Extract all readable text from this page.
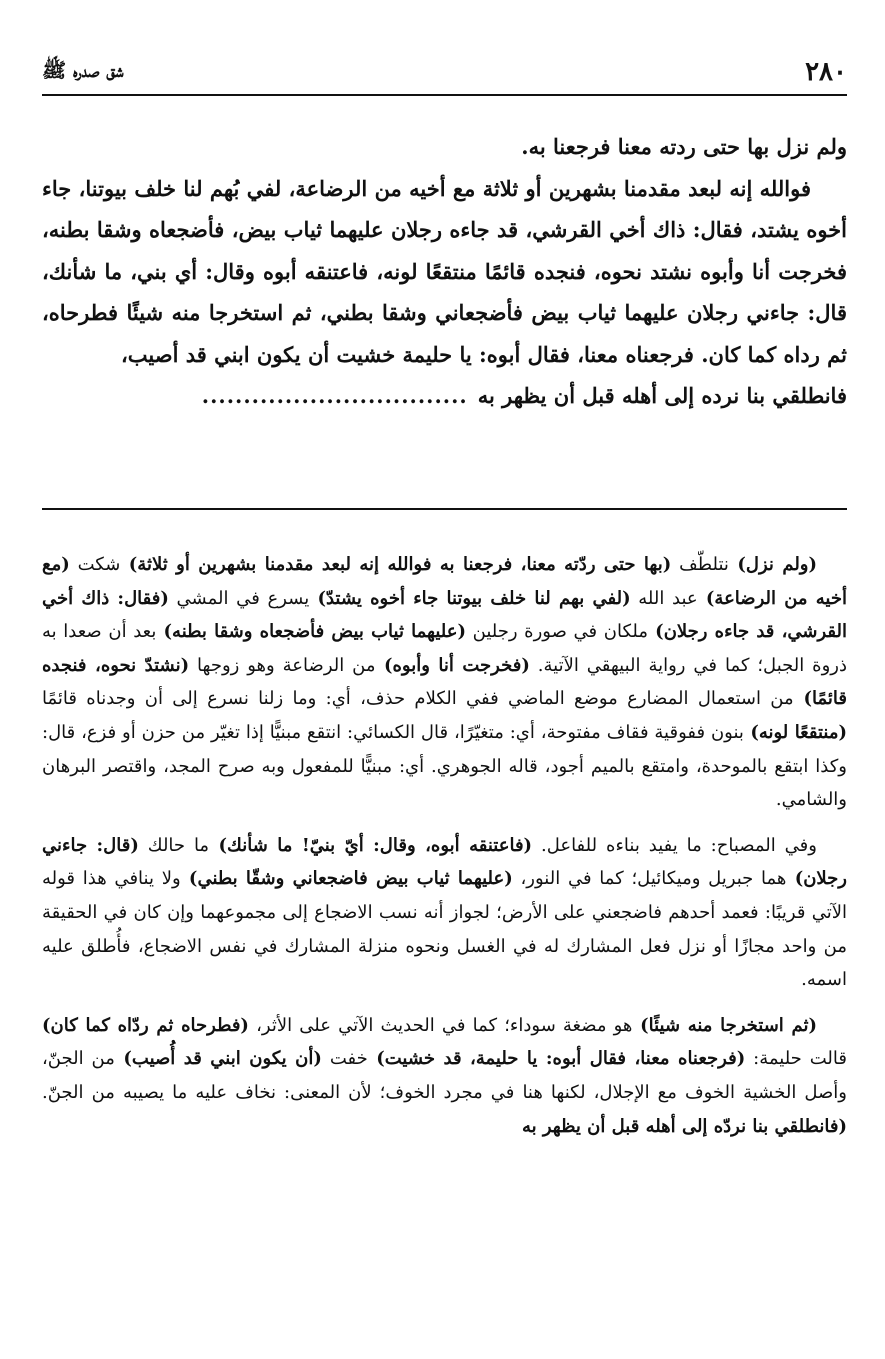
٢٨٠
شق صدره ﷺ

ولم نزل بها حتى ردته معنا فرجعنا به.

فوالله إنه لبعد مقدمنا بشهرين أو ثلاثة مع أخيه من الرضاعة، لفي بُهم لنا خلف بيوتنا، جاء أخوه يشتد، فقال: ذاك أخي القرشي، قد جاءه رجلان عليهما ثياب بيض، فأضجعاه وشقا بطنه، فخرجت أنا وأبوه نشتد نحوه، فنجده قائمًا منتقعًا لونه، فاعتنقه أبوه وقال: أي بني، ما شأنك، قال: جاءني رجلان عليهما ثياب بيض فأضجعاني وشقا بطني، ثم استخرجا منه شيئًا فطرحاه، ثم رداه كما كان. فرجعناه معنا، فقال أبوه: يا حليمة خشيت أن يكون ابني قد أصيب،

فانطلقي بنا نرده إلى أهله قبل أن يظهر به................................

(ولم نزل) نتلطّف (بها حتى ردّته معنا، فرجعنا به فوالله إنه لبعد مقدمنا بشهرين أو ثلاثة) شكت (مع أخيه من الرضاعة) عبد الله (لفي بهم لنا خلف بيوتنا جاء أخوه يشتدّ) يسرع في المشي (فقال: ذاك أخي القرشي، قد جاءه رجلان) ملكان في صورة رجلين (عليهما ثياب بيض فأضجعاه وشقا بطنه) بعد أن صعدا به ذروة الجبل؛ كما في رواية البيهقي الآتية. (فخرجت أنا وأبوه) من الرضاعة وهو زوجها (نشتدّ نحوه، فنجده قائمًا) من استعمال المضارع موضع الماضي ففي الكلام حذف، أي: وما زلنا نسرع إلى أن وجدناه قائمًا (منتقعًا لونه) بنون ففوقية فقاف مفتوحة، أي: متغيّرًا، قال الكسائي: انتقع مبنيًّا إذا تغيّر من حزن أو فزع، قال: وكذا ابتقع بالموحدة، وامتقع بالميم أجود، قاله الجوهري. أي: مبنيًّا للمفعول وبه صرح المجد، واقتصر البرهان والشامي.

وفي المصباح: ما يفيد بناءه للفاعل. (فاعتنقه أبوه، وقال: أيّ بنيّ! ما شأنك) ما حالك (قال: جاءني رجلان) هما جبريل وميكائيل؛ كما في النور، (عليهما ثياب بيض فاضجعاني وشقّا بطني) ولا ينافي هذا قوله الآتي قريبًا: فعمد أحدهم فاضجعني على الأرض؛ لجواز أنه نسب الاضجاع إلى مجموعهما وإن كان في الحقيقة من واحد مجازًا أو نزل فعل المشارك له في الغسل ونحوه منزلة المشارك في نفس الاضجاع، فأُطلق عليه اسمه.

(ثم استخرجا منه شيئًا) هو مضغة سوداء؛ كما في الحديث الآتي على الأثر، (فطرحاه ثم ردّاه كما كان) قالت حليمة: (فرجعناه معنا، فقال أبوه: يا حليمة، قد خشيت) خفت (أن يكون ابني قد أُصيب) من الجنّ، وأصل الخشية الخوف مع الإجلال، لكنها هنا في مجرد الخوف؛ لأن المعنى: نخاف عليه ما يصيبه من الجنّ. (فانطلقي بنا نردّه إلى أهله قبل أن يظهر به
